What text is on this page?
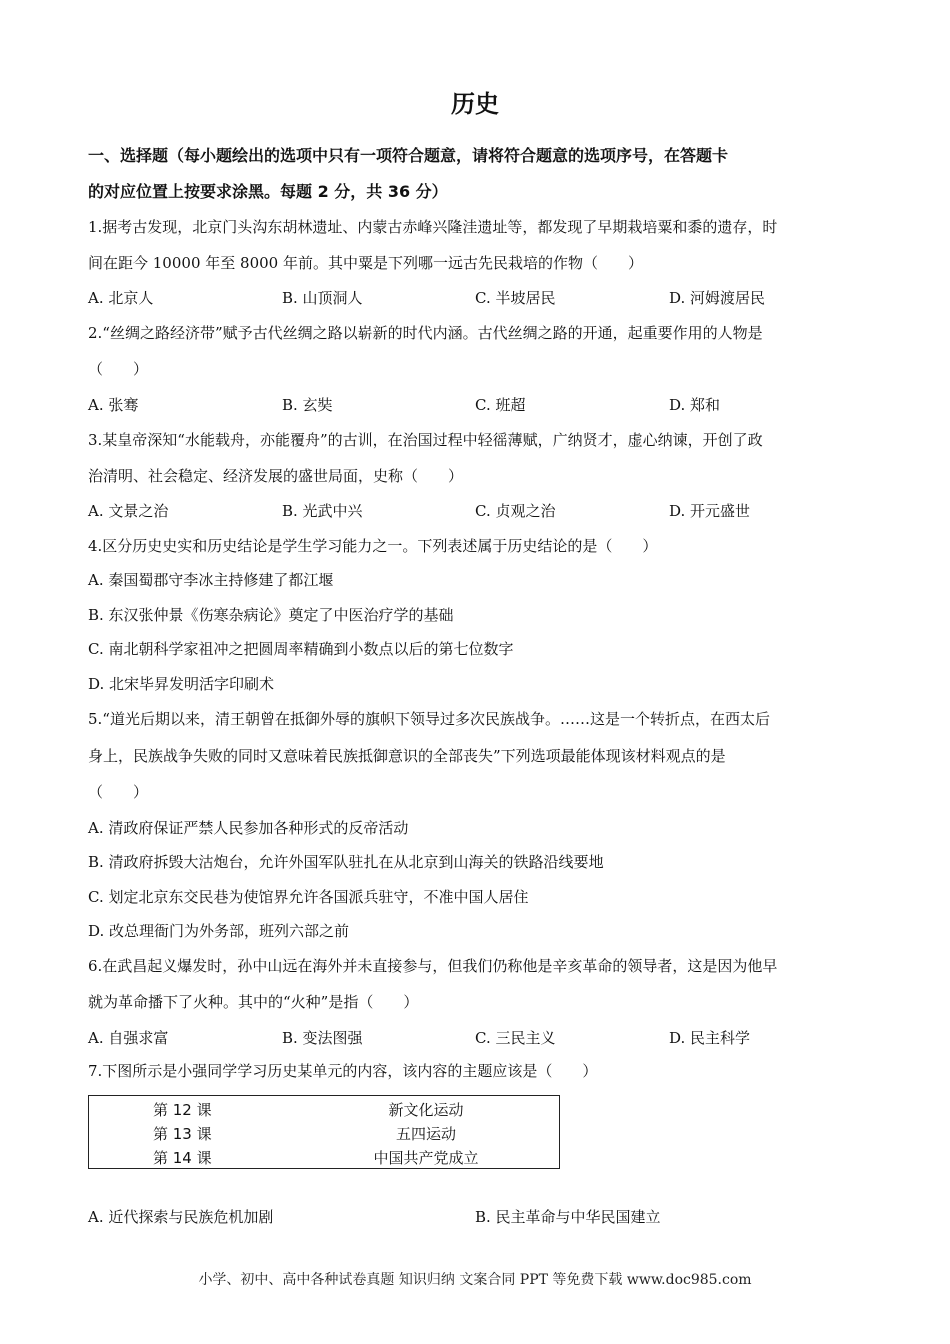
历史
一、选择题（每小题绘出的选项中只有一项符合题意，请将符合题意的选项序号，在答题卡
的对应位置上按要求涂黑。每题 2 分，共 36 分）
1.据考古发现，北京门头沟东胡林遗址、内蒙古赤峰兴隆洼遗址等，都发现了早期栽培粟和黍的遗存，时
间在距今 10000 年至 8000 年前。其中粟是下列哪一远古先民栽培的作物（　　）
A. 北京人	B. 山顶洞人	C. 半坡居民	D. 河姆渡居民
2.“丝绸之路经济带”赋予古代丝绸之路以崭新的时代内涵。古代丝绸之路的开通，起重要作用的人物是
（　　）
A. 张骞	B. 玄奘	C. 班超	D. 郑和
3.某皇帝深知“水能载舟，亦能覆舟”的古训，在治国过程中轻徭薄赋，广纳贤才，虚心纳谏，开创了政
治清明、社会稳定、经济发展的盛世局面，史称（　　）
A. 文景之治	B. 光武中兴	C. 贞观之治	D. 开元盛世
4.区分历史史实和历史结论是学生学习能力之一。下列表述属于历史结论的是（　　）
A. 秦国蜀郡守李冰主持修建了都江堰
B. 东汉张仲景《伤寒杂病论》奠定了中医治疗学的基础
C. 南北朝科学家祖冲之把圆周率精确到小数点以后的第七位数字
D. 北宋毕昇发明活字印刷术
5.“道光后期以来，清王朝曾在抵御外辱的旗帜下领导过多次民族战争。……这是一个转折点，在西太后
身上，民族战争失败的同时又意味着民族抵御意识的全部丧失”下列选项最能体现该材料观点的是
（　　）
A. 清政府保证严禁人民参加各种形式的反帝活动
B. 清政府拆毁大沽炮台，允许外国军队驻扎在从北京到山海关的铁路沿线要地
C. 划定北京东交民巷为使馆界允许各国派兵驻守，不准中国人居住
D. 改总理衙门为外务部，班列六部之前
6.在武昌起义爆发时，孙中山远在海外并未直接参与，但我们仍称他是辛亥革命的领导者，这是因为他早
就为革命播下了火种。其中的“火种”是指（　　）
A. 自强求富	B. 变法图强	C. 三民主义	D. 民主科学
7.下图所示是小强同学学习历史某单元的内容，该内容的主题应该是（　　）
第 12 课	新文化运动
第 13 课	五四运动
第 14 课	中国共产党成立
A. 近代探索与民族危机加剧	B. 民主革命与中华民国建立
小学、初中、高中各种试卷真题 知识归纳 文案合同 PPT 等免费下载 www.doc985.com
